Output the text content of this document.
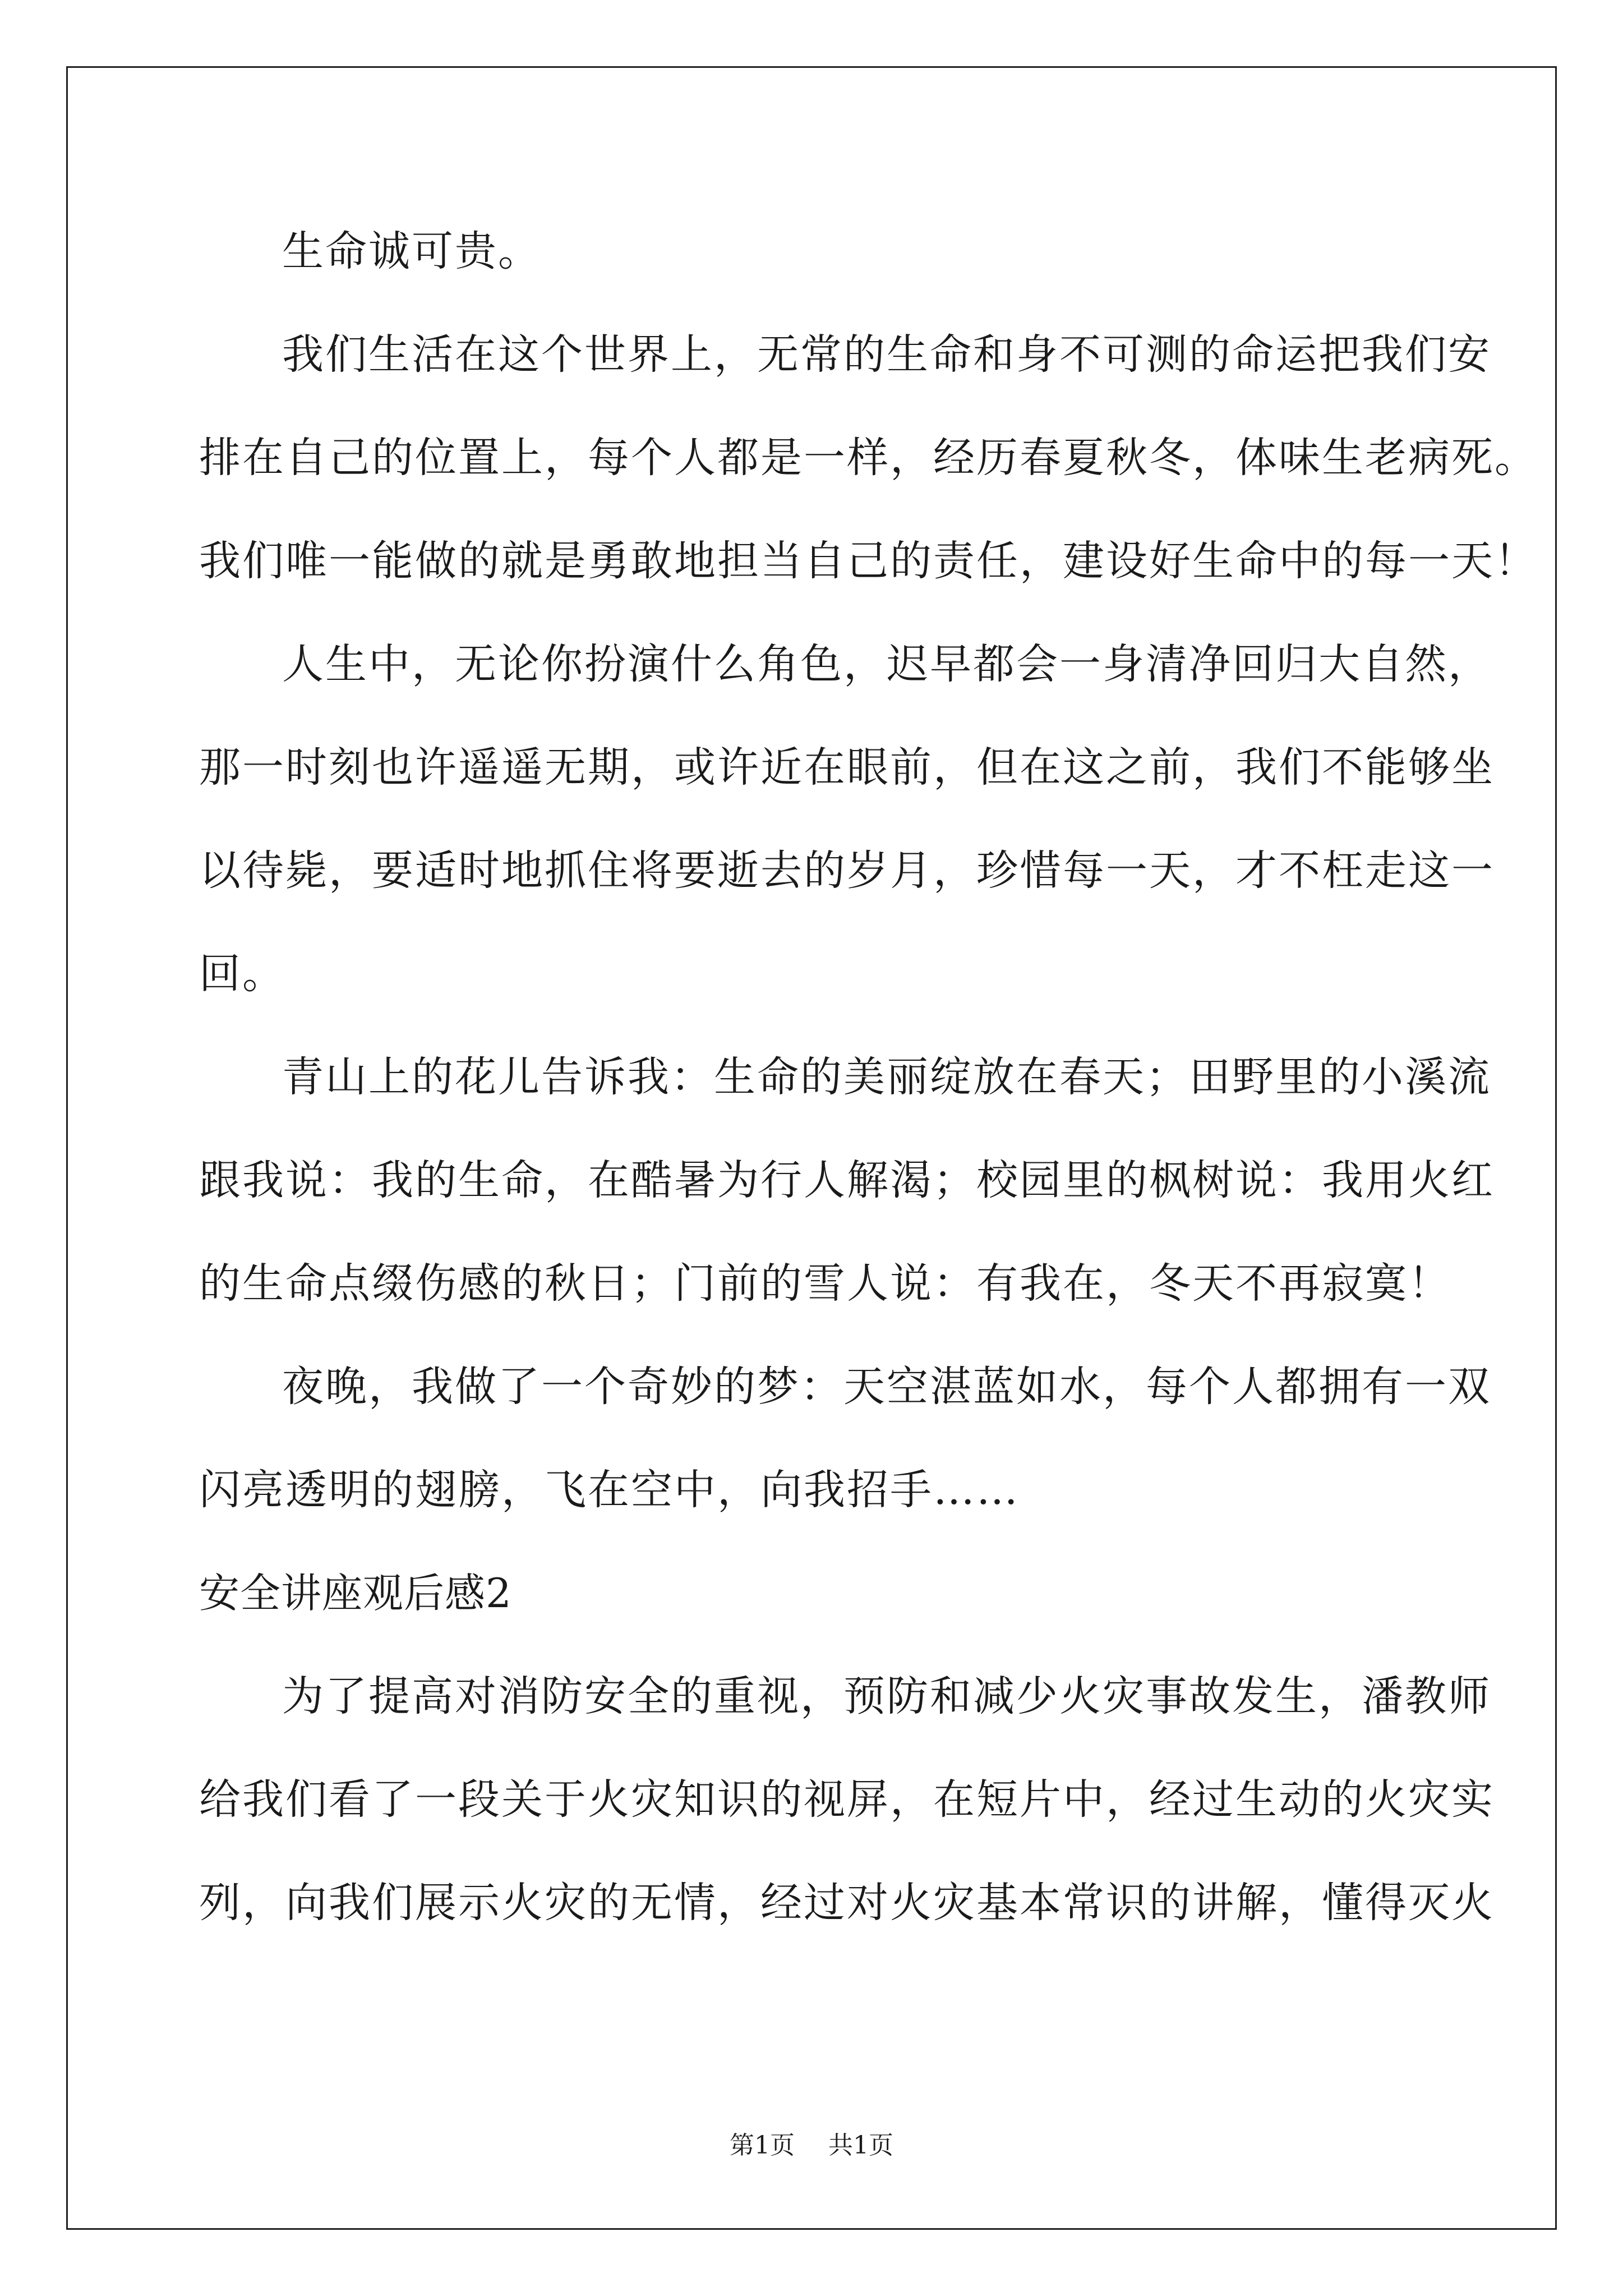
生命诚可贵。
我们生活在这个世界上，无常的生命和身不可测的命运把我们安
排在自己的位置上，每个人都是一样，经历春夏秋冬，体味生老病死。
我们唯一能做的就是勇敢地担当自己的责任，建设好生命中的每一天！
人生中，无论你扮演什么角色，迟早都会一身清净回归大自然，
那一时刻也许遥遥无期，或许近在眼前，但在这之前，我们不能够坐
以待毙，要适时地抓住将要逝去的岁月，珍惜每一天，才不枉走这一
回。
青山上的花儿告诉我：生命的美丽绽放在春天；田野里的小溪流
跟我说：我的生命，在酷暑为行人解渴；校园里的枫树说：我用火红
的生命点缀伤感的秋日；门前的雪人说：有我在，冬天不再寂寞！
夜晚，我做了一个奇妙的梦：天空湛蓝如水，每个人都拥有一双
闪亮透明的翅膀，飞在空中，向我招手……
安全讲座观后感2
为了提高对消防安全的重视，预防和减少火灾事故发生，潘教师
给我们看了一段关于火灾知识的视屏，在短片中，经过生动的火灾实
列，向我们展示火灾的无情，经过对火灾基本常识的讲解，懂得灭火
第1页 共1页
